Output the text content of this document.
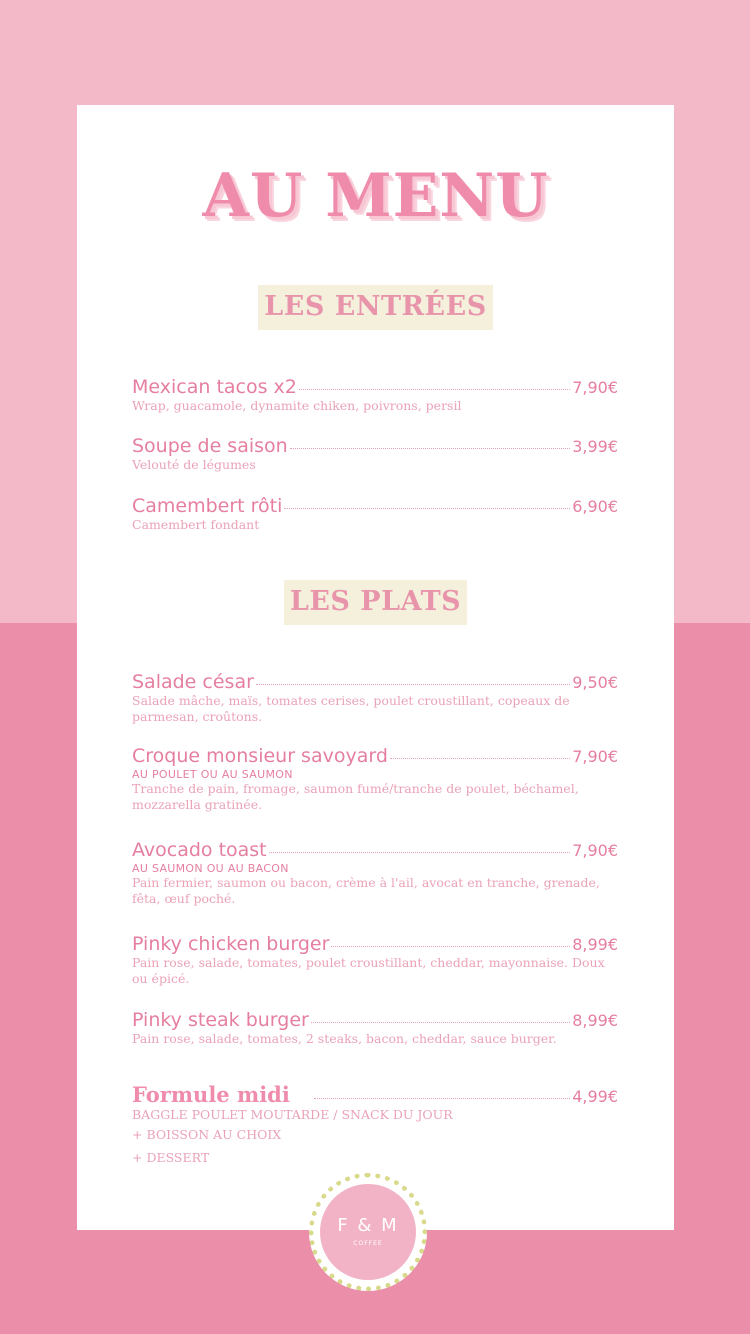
AU MENU
LES ENTRÉES
Mexican tacos x2	7,90€
Wrap, guacamole, dynamite chiken, poivrons, persil
Soupe de saison	3,99€
Velouté de légumes
Camembert rôti	6,90€
Camembert fondant
LES PLATS
Salade césar	9,50€
Salade mâche, maïs, tomates cerises, poulet croustillant, copeaux de parmesan, croûtons.
Croque monsieur savoyard	7,90€
AU POULET OU AU SAUMON
Tranche de pain, fromage, saumon fumé/tranche de poulet, béchamel, mozzarella gratinée.
Avocado toast	7,90€
AU SAUMON OU AU BACON
Pain fermier, saumon ou bacon, crème à l'ail, avocat en tranche, grenade, fêta, œuf poché.
Pinky chicken burger	8,99€
Pain rose, salade, tomates, poulet croustillant, cheddar, mayonnaise. Doux ou épicé.
Pinky steak burger	8,99€
Pain rose, salade, tomates, 2 steaks, bacon, cheddar, sauce burger.
Formule midi	4,99€
BAGGLE POULET MOUTARDE / SNACK DU JOUR
+ BOISSON AU CHOIX
+ DESSERT
F & M
COFFEE
